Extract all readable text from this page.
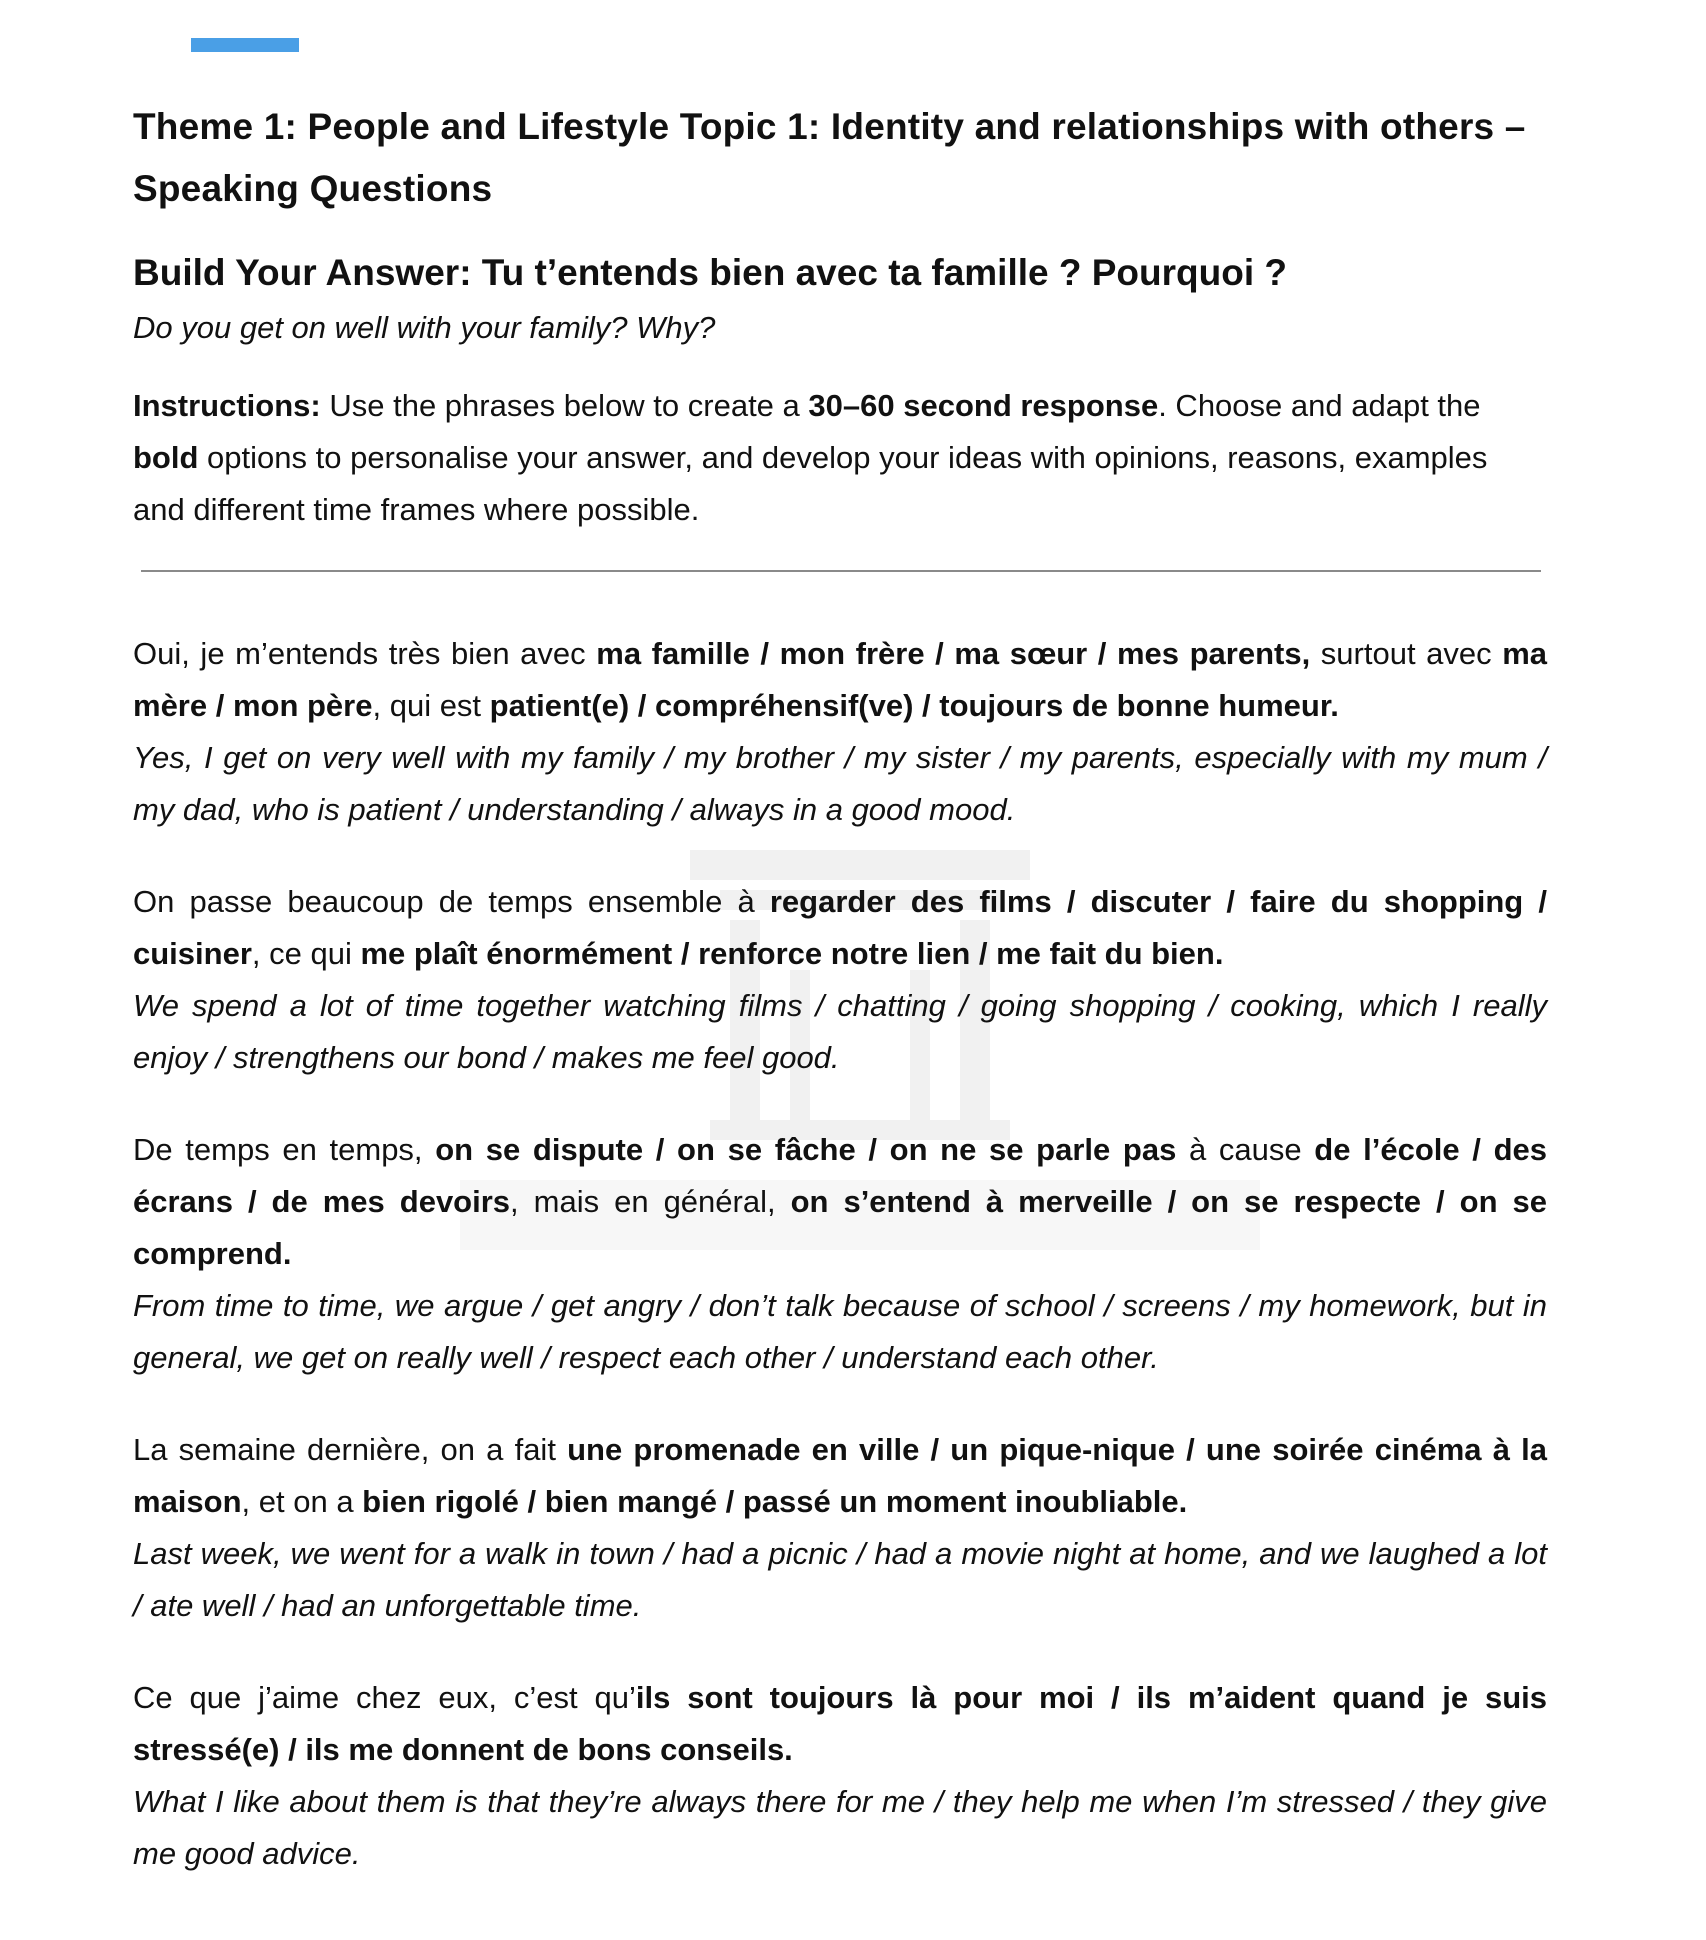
Theme 1: People and Lifestyle Topic 1: Identity and relationships with others – Speaking Questions
Build Your Answer: Tu t’entends bien avec ta famille ? Pourquoi ?

Do you get on well with your family? Why?

Instructions: Use the phrases below to create a 30–60 second response. Choose and adapt the bold options to personalise your answer, and develop your ideas with opinions, reasons, examples and different time frames where possible.

Oui, je m’entends très bien avec ma famille / mon frère / ma sœur / mes parents, surtout avec ma mère / mon père, qui est patient(e) / compréhensif(ve) / toujours de bonne humeur.

Yes, I get on very well with my family / my brother / my sister / my parents, especially with my mum / my dad, who is patient / understanding / always in a good mood.

On passe beaucoup de temps ensemble à regarder des films / discuter / faire du shopping / cuisiner, ce qui me plaît énormément / renforce notre lien / me fait du bien.

We spend a lot of time together watching films / chatting / going shopping / cooking, which I really enjoy / strengthens our bond / makes me feel good.

De temps en temps, on se dispute / on se fâche / on ne se parle pas à cause de l’école / des écrans / de mes devoirs, mais en général, on s’entend à merveille / on se respecte / on se comprend.

From time to time, we argue / get angry / don’t talk because of school / screens / my homework, but in general, we get on really well / respect each other / understand each other.

La semaine dernière, on a fait une promenade en ville / un pique-nique / une soirée cinéma à la maison, et on a bien rigolé / bien mangé / passé un moment inoubliable.

Last week, we went for a walk in town / had a picnic / had a movie night at home, and we laughed a lot / ate well / had an unforgettable time.

Ce que j’aime chez eux, c’est qu’ils sont toujours là pour moi / ils m’aident quand je suis stressé(e) / ils me donnent de bons conseils.

What I like about them is that they’re always there for me / they help me when I’m stressed / they give me good advice.
